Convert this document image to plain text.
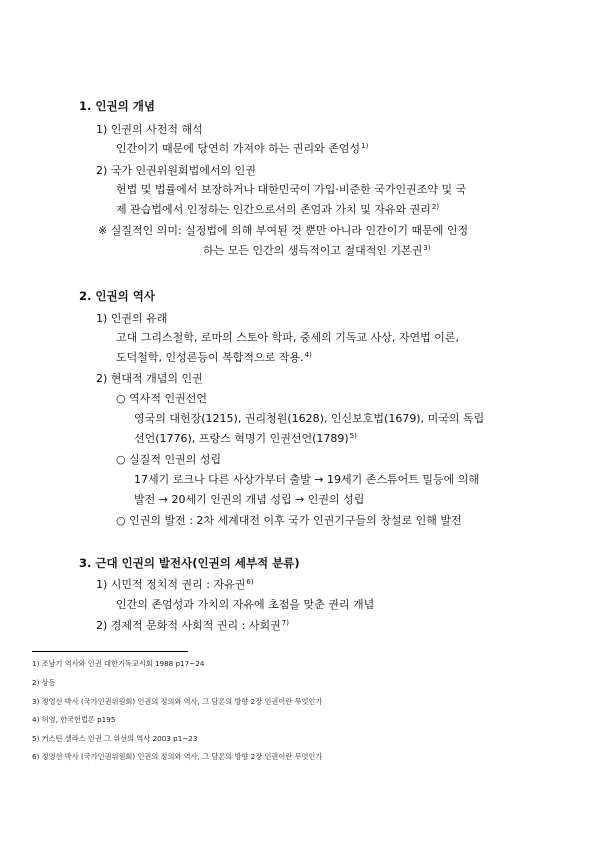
1. 인권의 개념
1) 인권의 사전적 해석
인간이기 때문에 당연히 가져야 하는 권리와 존엄성$^{1)}$
2) 국가 인권위원회법에서의 인권
헌법 및 법률에서 보장하거나 대한민국이 가입·비준한 국가인권조약 및 국
제 관습법에서 인정하는 인간으로서의 존엄과 가치 및 자유와 권리$^{2)}$
※ 실질적인 의미: 실정법에 의해 부여된 것 뿐만 아니라 인간이기 때문에 인정
하는 모든 인간의 생득적이고 절대적인 기본권$^{3)}$
2. 인권의 역사
1) 인권의 유래
고대 그리스철학, 로마의 스토아 학파, 중세의 기독교 사상, 자연법 이론,
도덕철학, 인성론등이 복합적으로 작용.$^{4)}$
2) 현대적 개념의 인권
○ 역사적 인권선언
영국의 대헌장(1215), 권리청원(1628), 인신보호법(1679), 미국의 독립
선언(1776), 프랑스 혁명기 인권선언$(1789)^{5)}$
○ 실질적 인권의 성립
17세기 로크나 다른 사상가부터 출발 → 19세기 존스튜어트 밀등에 의해
발전 → 20세기 인권의 개념 성립 → 인권의 성립
○ 인권의 발전 : 2차 세계대전 이후 국가 인권기구들의 창설로 인해 발전
3. 근대 인권의 발전사(인권의 세부적 분류)
1) 시민적 정치적 권리 : 자유권$^{6)}$
인간의 존엄성과 가치의 자유에 초점을 맞춘 권리 개념
2) 경제적 문화적 사회적 권리 : 사회권$^{7)}$
1) 조남기 역사와 인권 대한기독교서회 1988 p17~24
2) 상동
3) 정영선 박사 (국가인권위원회) 인권의 정의와 역사, 그 담론의 방향 2장 인권이란 무엇인가
4) 허영, 한국헌법론 p195
5) 커스틴 셀라스 인권 그 위선의 역사 2003 p1~23
6) 정영선 박사 (국가인권위원회) 인권의 정의와 역사, 그 담론의 방향 2장 인권이란 무엇인가
